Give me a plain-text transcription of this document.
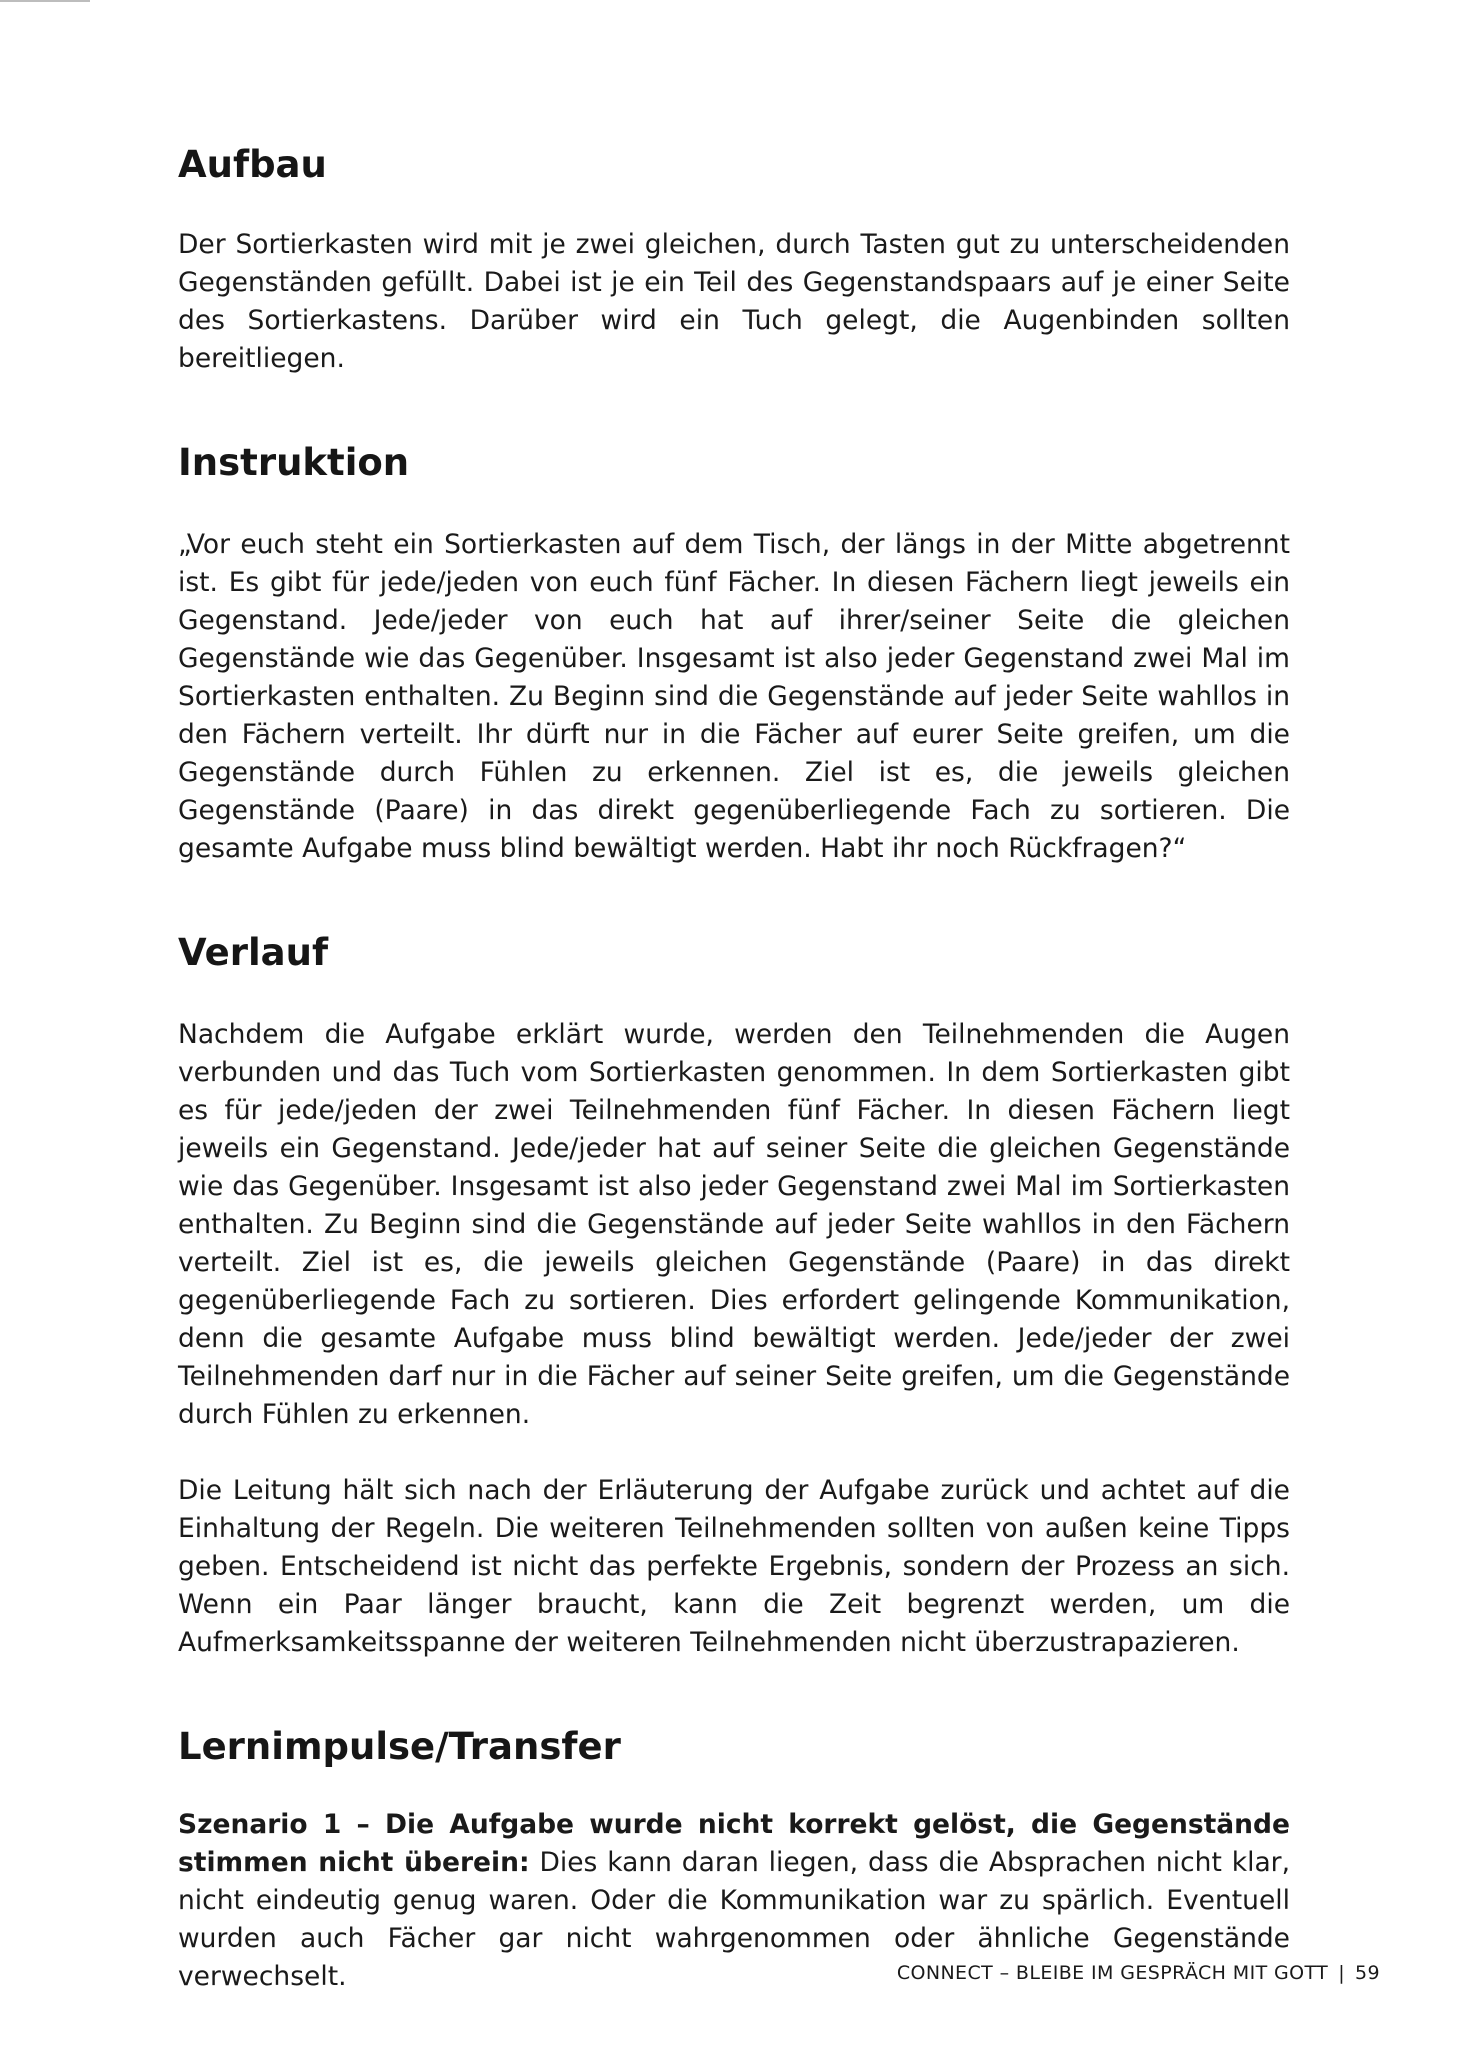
Aufbau

Der Sortierkasten wird mit je zwei gleichen, durch Tasten gut zu unterscheidenden Gegenständen gefüllt. Dabei ist je ein Teil des Gegenstandspaars auf je einer Seite des Sortierkastens. Darüber wird ein Tuch gelegt, die Augenbinden sollten bereitliegen.

Instruktion

„Vor euch steht ein Sortierkasten auf dem Tisch, der längs in der Mitte abgetrennt ist. Es gibt für jede/jeden von euch fünf Fächer. In diesen Fächern liegt jeweils ein Gegenstand. Jede/jeder von euch hat auf ihrer/seiner Seite die gleichen Gegenstände wie das Gegenüber. Insgesamt ist also jeder Gegenstand zwei Mal im Sortierkasten enthalten. Zu Beginn sind die Gegenstände auf jeder Seite wahllos in den Fächern verteilt. Ihr dürft nur in die Fächer auf eurer Seite greifen, um die Gegenstände durch Fühlen zu erkennen. Ziel ist es, die jeweils gleichen Gegenstände (Paare) in das direkt gegenüberliegende Fach zu sortieren. Die gesamte Aufgabe muss blind bewältigt werden. Habt ihr noch Rückfragen?“

Verlauf

Nachdem die Aufgabe erklärt wurde, werden den Teilnehmenden die Augen verbunden und das Tuch vom Sortierkasten genommen. In dem Sortierkasten gibt es für jede/jeden der zwei Teilnehmenden fünf Fächer. In diesen Fächern liegt jeweils ein Gegenstand. Jede/jeder hat auf seiner Seite die gleichen Gegenstände wie das Gegenüber. Insgesamt ist also jeder Gegenstand zwei Mal im Sortierkasten enthalten. Zu Beginn sind die Gegenstände auf jeder Seite wahllos in den Fächern verteilt. Ziel ist es, die jeweils gleichen Gegenstände (Paare) in das direkt gegenüberliegende Fach zu sortieren. Dies erfordert gelingende Kommunikation, denn die gesamte Aufgabe muss blind bewältigt werden. Jede/jeder der zwei Teilnehmenden darf nur in die Fächer auf seiner Seite greifen, um die Gegenstände durch Fühlen zu erkennen.

Die Leitung hält sich nach der Erläuterung der Aufgabe zurück und achtet auf die Einhaltung der Regeln. Die weiteren Teilnehmenden sollten von außen keine Tipps geben. Entscheidend ist nicht das perfekte Ergebnis, sondern der Prozess an sich. Wenn ein Paar länger braucht, kann die Zeit begrenzt werden, um die Aufmerksamkeitsspanne der weiteren Teilnehmenden nicht überzustrapazieren.

Lernimpulse/Transfer

Szenario 1 – Die Aufgabe wurde nicht korrekt gelöst, die Gegenstände stimmen nicht überein: Dies kann daran liegen, dass die Absprachen nicht klar, nicht eindeutig genug waren. Oder die Kommunikation war zu spärlich. Eventuell wurden auch Fächer gar nicht wahrgenommen oder ähnliche Gegenstände verwechselt.	CONNECT – BLEIBE IM GESPRÄCH MIT GOTT | 59
